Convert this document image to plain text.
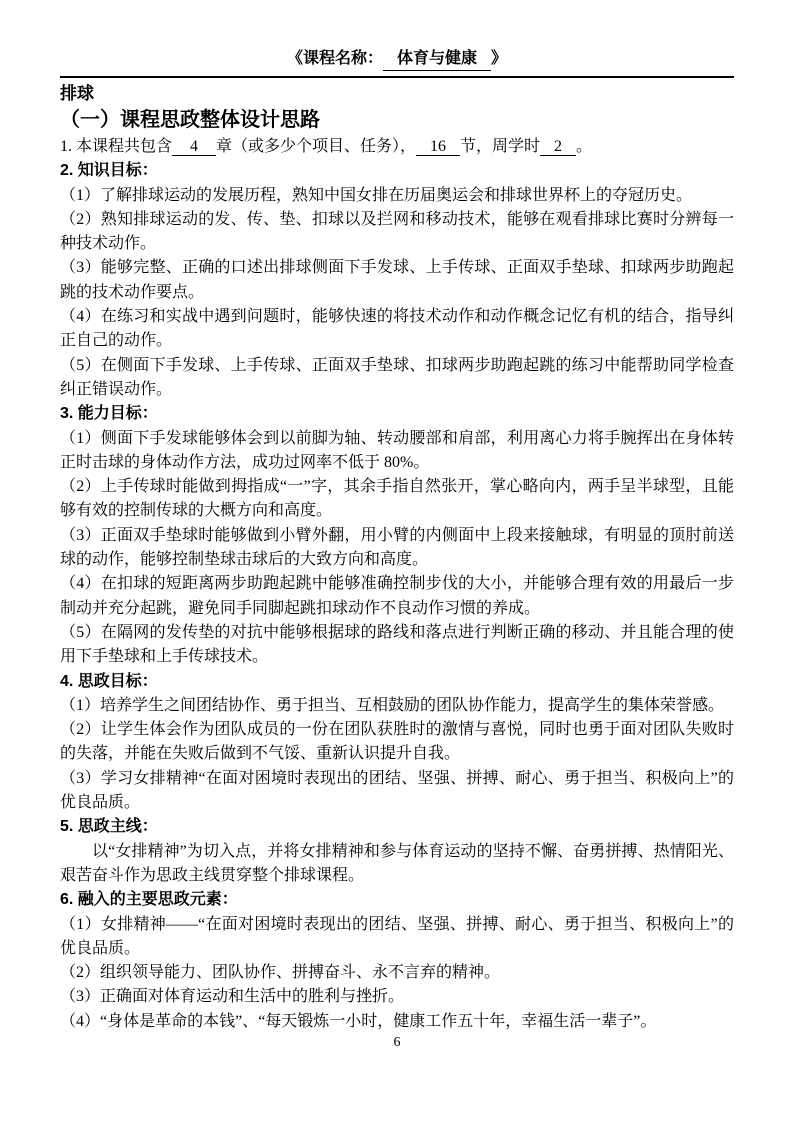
《课程名称： 体育与健康 》
排球
（一）课程思政整体设计思路

1. 本课程共包含 4 章（或多少个项目、任务）， 16 节，周学时 2 。

2. 知识目标：

（1）了解排球运动的发展历程，熟知中国女排在历届奥运会和排球世界杯上的夺冠历史。

（2）熟知排球运动的发、传、垫、扣球以及拦网和移动技术，能够在观看排球比赛时分辨每一种技术动作。

（3）能够完整、正确的口述出排球侧面下手发球、上手传球、正面双手垫球、扣球两步助跑起跳的技术动作要点。

（4）在练习和实战中遇到问题时，能够快速的将技术动作和动作概念记忆有机的结合，指导纠正自己的动作。

（5）在侧面下手发球、上手传球、正面双手垫球、扣球两步助跑起跳的练习中能帮助同学检查纠正错误动作。

3. 能力目标：

（1）侧面下手发球能够体会到以前脚为轴、转动腰部和肩部，利用离心力将手腕挥出在身体转正时击球的身体动作方法，成功过网率不低于 80%。

（2）上手传球时能做到拇指成“一”字，其余手指自然张开，掌心略向内，两手呈半球型，且能够有效的控制传球的大概方向和高度。

（3）正面双手垫球时能够做到小臂外翻，用小臂的内侧面中上段来接触球，有明显的顶肘前送球的动作，能够控制垫球击球后的大致方向和高度。

（4）在扣球的短距离两步助跑起跳中能够准确控制步伐的大小，并能够合理有效的用最后一步制动并充分起跳，避免同手同脚起跳扣球动作不良动作习惯的养成。

（5）在隔网的发传垫的对抗中能够根据球的路线和落点进行判断正确的移动、并且能合理的使用下手垫球和上手传球技术。

4. 思政目标：

（1）培养学生之间团结协作、勇于担当、互相鼓励的团队协作能力，提高学生的集体荣誉感。

（2）让学生体会作为团队成员的一份在团队获胜时的激情与喜悦，同时也勇于面对团队失败时的失落，并能在失败后做到不气馁、重新认识提升自我。

（3）学习女排精神“在面对困境时表现出的团结、坚强、拼搏、耐心、勇于担当、积极向上”的优良品质。

5. 思政主线：

以“女排精神”为切入点，并将女排精神和参与体育运动的坚持不懈、奋勇拼搏、热情阳光、艰苦奋斗作为思政主线贯穿整个排球课程。

6. 融入的主要思政元素：

（1）女排精神——“在面对困境时表现出的团结、坚强、拼搏、耐心、勇于担当、积极向上”的优良品质。

（2）组织领导能力、团队协作、拼搏奋斗、永不言弃的精神。

（3）正确面对体育运动和生活中的胜利与挫折。

（4）“身体是革命的本钱”、“每天锻炼一小时，健康工作五十年，幸福生活一辈子”。

6
